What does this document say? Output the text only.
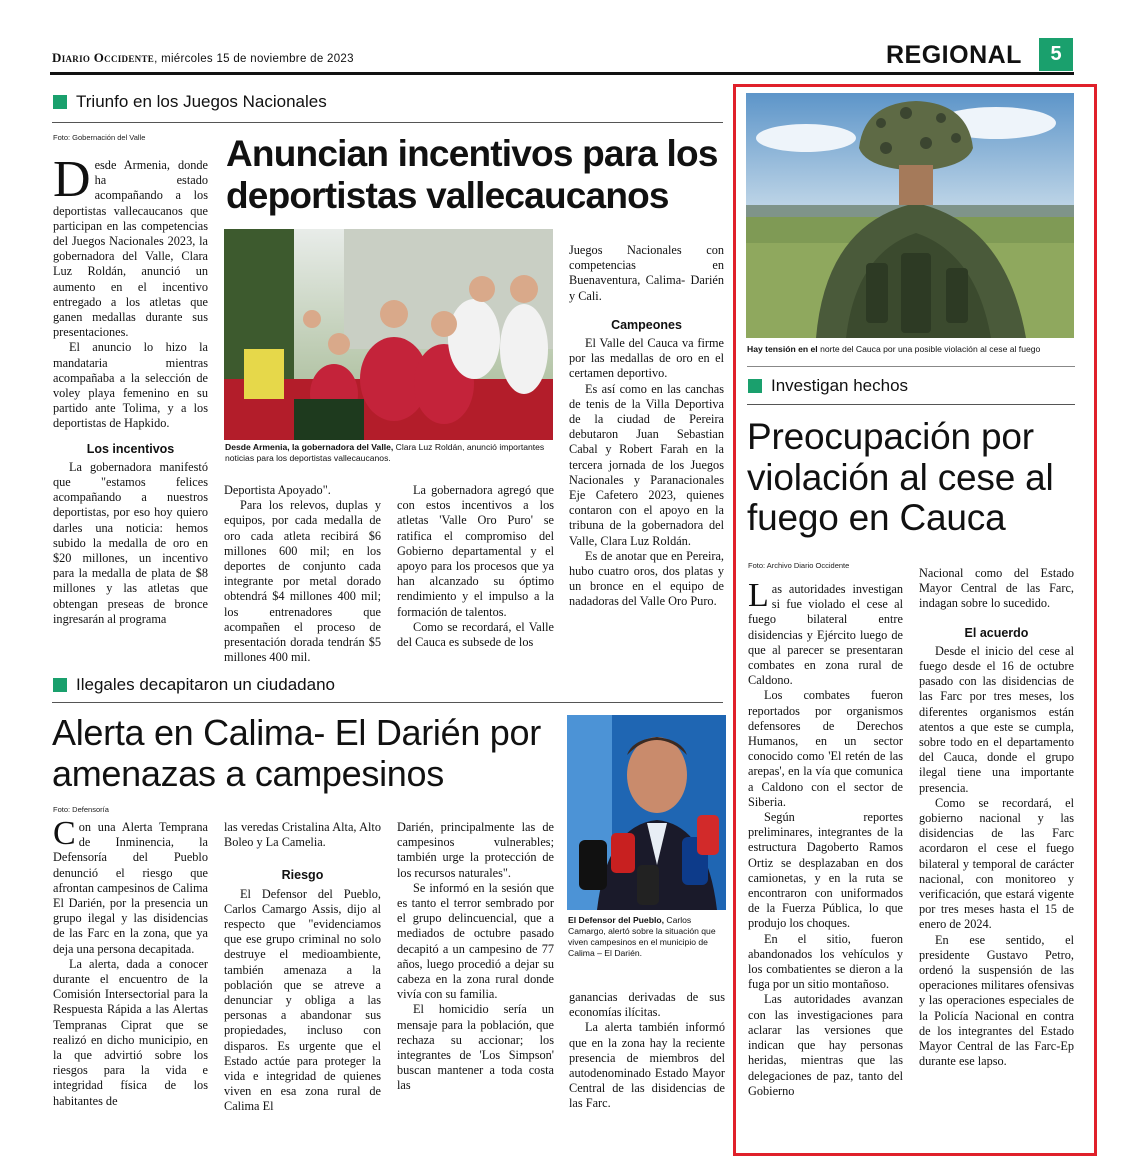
Diario Occidente, miércoles 15 de noviembre de 2023	REGIONAL 5
Triunfo en los Juegos Nacionales
Foto: Gobernación del Valle Anuncian incentivos para los deportistas vallecaucanos
Desde Armenia, la gobernadora del Valle, Clara Luz Roldán, anunció importantes noticias para los deportistas vallecaucanos.

Desde Armenia, donde ha estado acompañando a los deportistas vallecaucanos que participan en las competencias del Juegos Nacionales 2023, la gobernadora del Valle, Clara Luz Roldán, anunció un aumento en el incentivo entregado a los atletas que ganen medallas durante sus presentaciones.

El anuncio lo hizo la mandataria mientras acompañaba a la selección de voley playa femenino en su partido ante Tolima, y a los deportistas de Hapkido.

Los incentivos

La gobernadora manifestó que "estamos felices acompañando a nuestros deportistas, por eso hoy quiero darles una noticia: hemos subido la medalla de oro en $20 millones, un incentivo para la medalla de plata de $8 millones y las atletas que obtengan preseas de bronce ingresarán al programa

Deportista Apoyado".

Para los relevos, duplas y equipos, por cada medalla de oro cada atleta recibirá $6 millones 600 mil; en los deportes de conjunto cada integrante por metal dorado obtendrá $4 millones 400 mil; los entrenadores que acompañen el proceso de presentación dorada tendrán $5 millones 400 mil.

La gobernadora agregó que con estos incentivos a los atletas 'Valle Oro Puro' se ratifica el compromiso del Gobierno departamental y el apoyo para los procesos que ya han alcanzado su óptimo rendimiento y el impulso a la formación de talentos.

Como se recordará, el Valle del Cauca es subsede de los

Juegos Nacionales con competencias en Buenaventura, Calima- Darién y Cali.

Campeones

El Valle del Cauca va firme por las medallas de oro en el certamen deportivo.

Es así como en las canchas de tenis de la Villa Deportiva de la ciudad de Pereira debutaron Juan Sebastian Cabal y Robert Farah en la tercera jornada de los Juegos Nacionales y Paranacionales Eje Cafetero 2023, quienes contaron con el apoyo en la tribuna de la gobernadora del Valle, Clara Luz Roldán.

Es de anotar que en Pereira, hubo cuatro oros, dos platas y un bronce en el equipo de nadadoras del Valle Oro Puro.

Ilegales decapitaron un ciudadano
Alerta en Calima- El Darién por amenazas a campesinos
Foto: Defensoría
El Defensor del Pueblo, Carlos Camargo, alertó sobre la situación que viven campesinos en el municipio de Calima – El Darién.

Con una Alerta Temprana de Inminencia, la Defensoría del Pueblo denunció el riesgo que afrontan campesinos de Calima El Darién, por la presencia un grupo ilegal y las disidencias de las Farc en la zona, que ya deja una persona decapitada.

La alerta, dada a conocer durante el encuentro de la Comisión Intersectorial para la Respuesta Rápida a las Alertas Tempranas Ciprat que se realizó en dicho municipio, en la que advirtió sobre los riesgos para la vida e integridad física de los habitantes de

las veredas Cristalina Alta, Alto Boleo y La Camelia.

Riesgo

El Defensor del Pueblo, Carlos Camargo Assis, dijo al respecto que "evidenciamos que ese grupo criminal no solo destruye el medioambiente, también amenaza a la población que se atreve a denunciar y obliga a las personas a abandonar sus propiedades, incluso con disparos. Es urgente que el Estado actúe para proteger la vida e integridad de quienes viven en esa zona rural de Calima El

Darién, principalmente las de campesinos vulnerables; también urge la protección de los recursos naturales".

Se informó en la sesión que es tanto el terror sembrado por el grupo delincuencial, que a mediados de octubre pasado decapitó a un campesino de 77 años, luego procedió a dejar su cabeza en la zona rural donde vivía con su familia.

El homicidio sería un mensaje para la población, que rechaza su accionar; los integrantes de 'Los Simpson' buscan mantener a toda costa las

ganancias derivadas de sus economías ilícitas.

La alerta también informó que en la zona hay la reciente presencia de miembros del autodenominado Estado Mayor Central de las disidencias de las Farc.

Hay tensión en el norte del Cauca por una posible violación al cese al fuego
Investigan hechos
Preocupación por violación al cese al fuego en Cauca
Foto: Archivo Diario Occidente

Las autoridades investigan si fue violado el cese al fuego bilateral entre disidencias y Ejército luego de que al parecer se presentaran combates en zona rural de Caldono.

Los combates fueron reportados por organismos defensores de Derechos Humanos, en un sector conocido como 'El retén de las arepas', en la vía que comunica a Caldono con el sector de Siberia.

Según reportes preliminares, integrantes de la estructura Dagoberto Ramos Ortiz se desplazaban en dos camionetas, y en la ruta se encontraron con uniformados de la Fuerza Pública, lo que produjo los choques.

En el sitio, fueron abandonados los vehículos y los combatientes se dieron a la fuga por un sitio montañoso.

Las autoridades avanzan con las investigaciones para aclarar las versiones que indican que hay personas heridas, mientras que las delegaciones de paz, tanto del Gobierno

Nacional como del Estado Mayor Central de las Farc, indagan sobre lo sucedido.

El acuerdo

Desde el inicio del cese al fuego desde el 16 de octubre pasado con las disidencias de las Farc por tres meses, los diferentes organismos están atentos a que este se cumpla, sobre todo en el departamento del Cauca, donde el grupo ilegal tiene una importante presencia.

Como se recordará, el gobierno nacional y las disidencias de las Farc acordaron el cese el fuego bilateral y temporal de carácter nacional, con monitoreo y verificación, que estará vigente por tres meses hasta el 15 de enero de 2024.

En ese sentido, el presidente Gustavo Petro, ordenó la suspensión de las operaciones militares ofensivas y las operaciones especiales de la Policía Nacional en contra de los integrantes del Estado Mayor Central de las Farc-Ep durante ese lapso.
